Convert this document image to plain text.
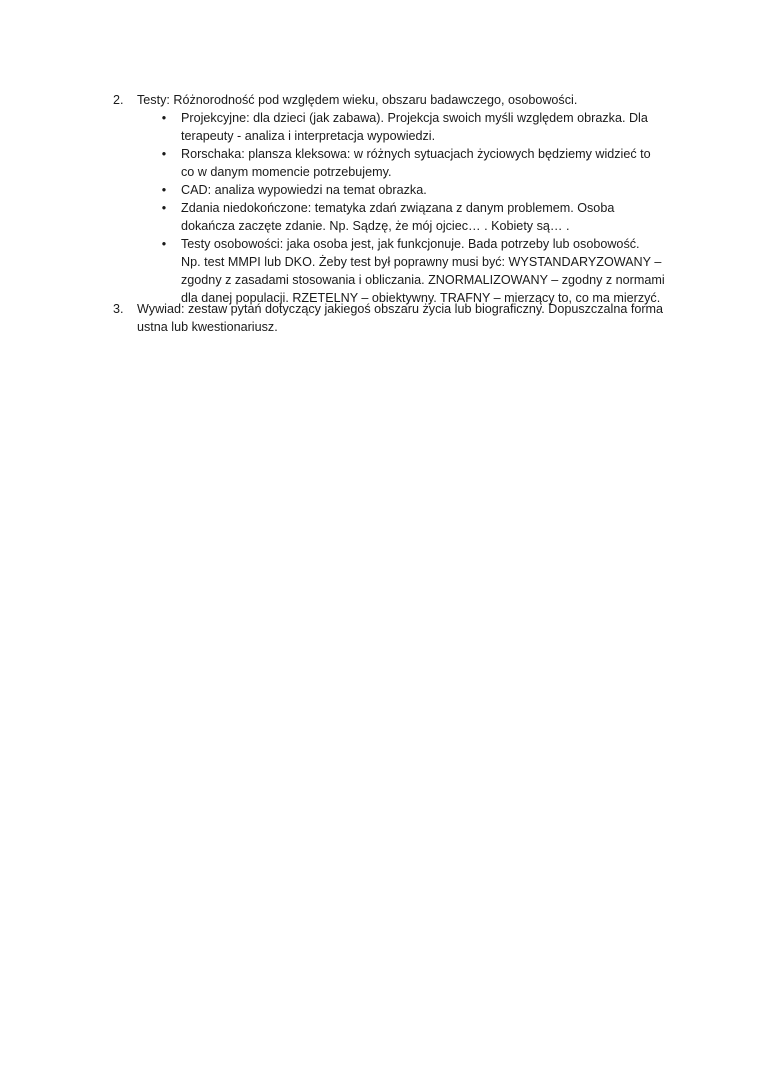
2.	Testy: Różnorodność pod względem wieku, obszaru badawczego, osobowości.
• Projekcyjne: dla dzieci (jak zabawa). Projekcja swoich myśli względem obrazka. Dla
terapeuty - analiza i interpretacja wypowiedzi.
• Rorschaka: plansza kleksowa: w różnych sytuacjach życiowych będziemy widzieć to
co w danym momencie potrzebujemy.
• CAD: analiza wypowiedzi na temat obrazka.
• Zdania niedokończone: tematyka zdań związana z danym problemem. Osoba
dokańcza zaczęte zdanie. Np. Sądzę, że mój ojciec… . Kobiety są… .
• Testy osobowości: jaka osoba jest, jak funkcjonuje. Bada potrzeby lub osobowość.
Np. test MMPI lub DKO. Żeby test był poprawny musi być: WYSTANDARYZOWANY –
zgodny z zasadami stosowania i obliczania. ZNORMALIZOWANY – zgodny z normami
dla danej populacji. RZETELNY – obiektywny. TRAFNY – mierzący to, co ma mierzyć.
3.	Wywiad: zestaw pytań dotyczący jakiegoś obszaru życia lub biograficzny. Dopuszczalna forma
ustna lub kwestionariusz.
